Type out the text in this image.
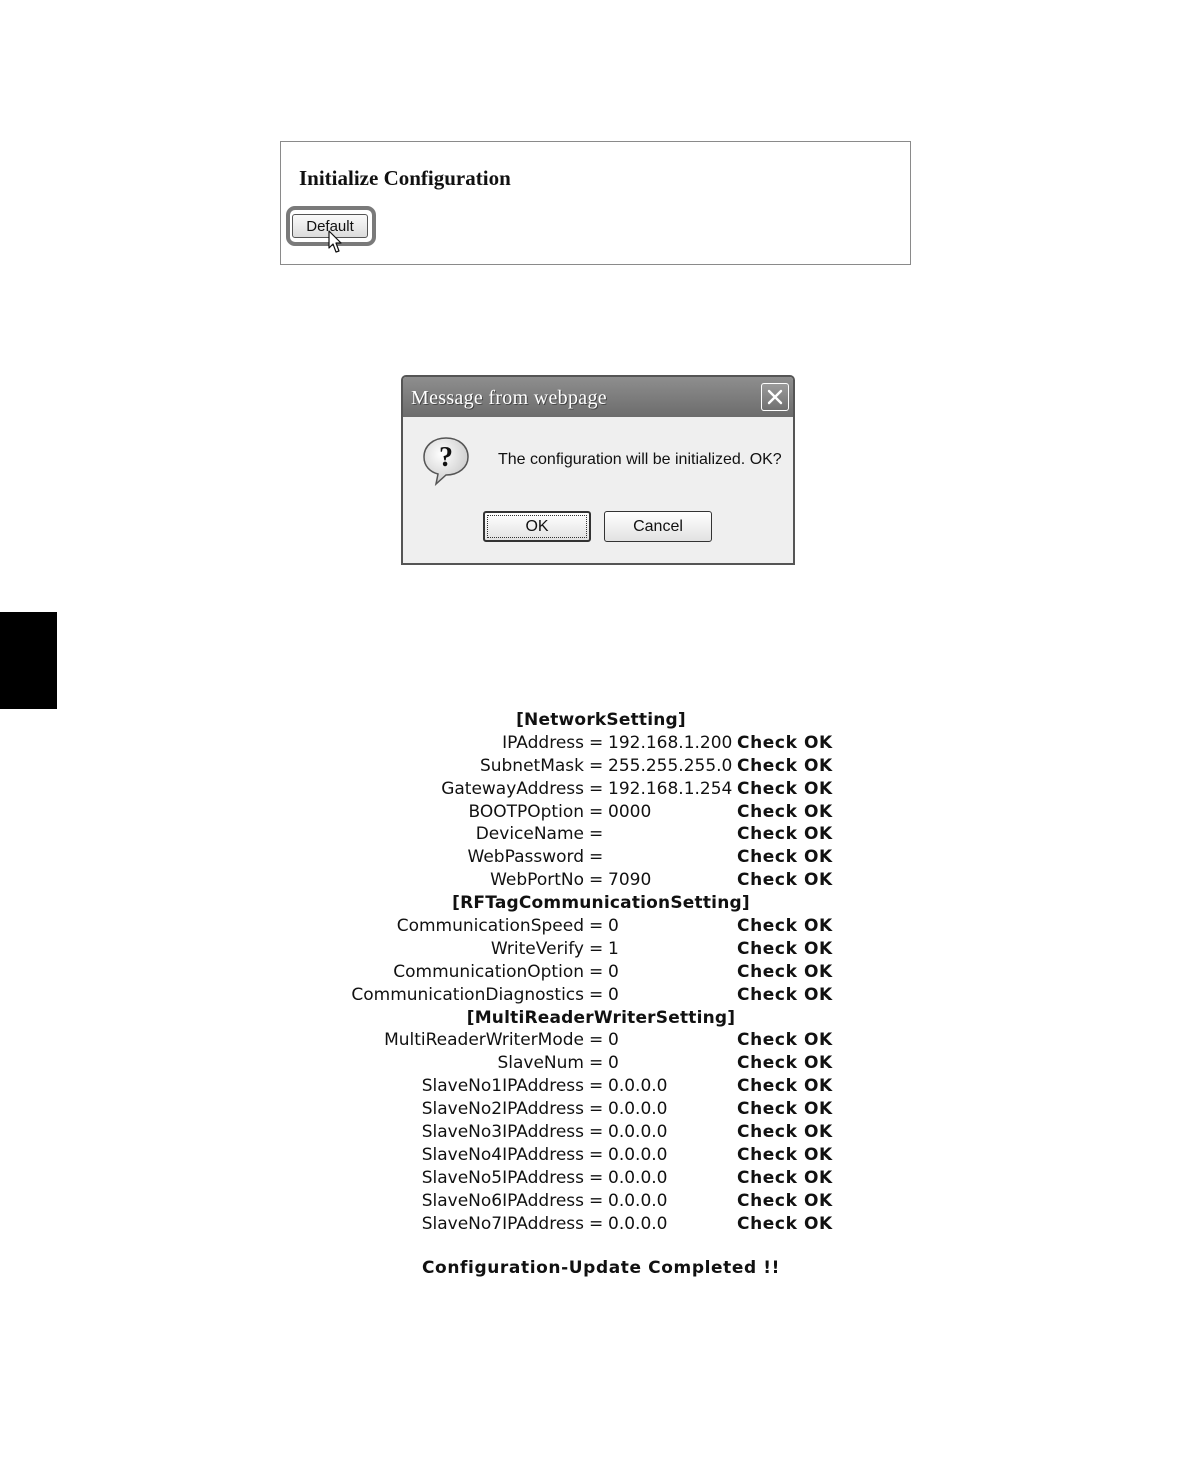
Initialize Configuration
Default
Message from webpage
?	The configuration will be initialized. OK?
OK	Cancel
[NetworkSetting]
IPAddress = 192.168.1.200 Check OK
SubnetMask = 255.255.255.0 Check OK
GatewayAddress = 192.168.1.254 Check OK
BOOTPOption = 0000	Check OK
DeviceName =	Check OK
WebPassword =	Check OK
WebPortNo = 7090	Check OK
[RFTagCommunicationSetting]
CommunicationSpeed = 0	Check OK
WriteVerify = 1	Check OK
CommunicationOption = 0	Check OK
CommunicationDiagnostics = 0	Check OK
[MultiReaderWriterSetting]
MultiReaderWriterMode = 0	Check OK
SlaveNum = 0	Check OK
SlaveNo1IPAddress = 0.0.0.0	Check OK
SlaveNo2IPAddress = 0.0.0.0	Check OK
SlaveNo3IPAddress = 0.0.0.0	Check OK
SlaveNo4IPAddress = 0.0.0.0	Check OK
SlaveNo5IPAddress = 0.0.0.0	Check OK
SlaveNo6IPAddress = 0.0.0.0	Check OK
SlaveNo7IPAddress = 0.0.0.0	Check OK
Configuration-Update Completed !!
